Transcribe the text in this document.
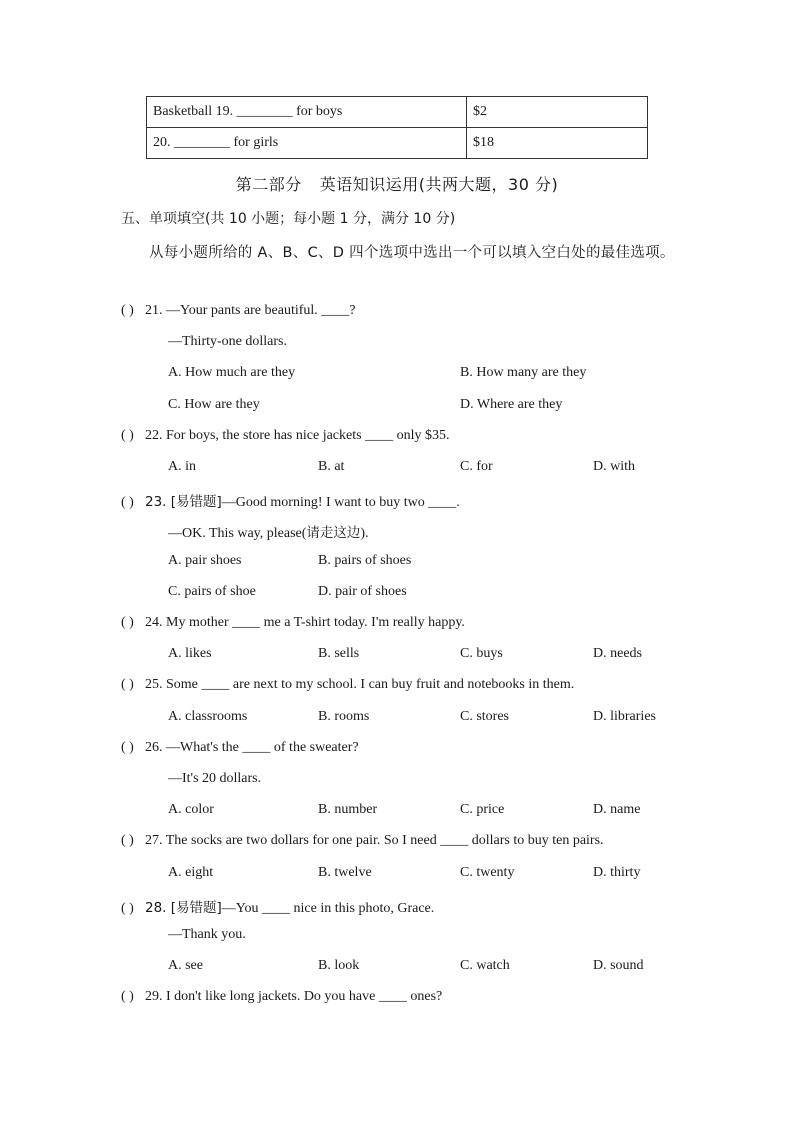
Basketball 19. ________ for boys	$2
20. ________ for girls	$18
第二部分 英语知识运用(共两大题，30 分)
五、单项填空(共 10 小题；每小题 1 分，满分 10 分)
从每小题所给的 A、B、C、D 四个选项中选出一个可以填入空白处的最佳选项。
( ) 21. —Your pants are beautiful. ____?
—Thirty-one dollars.
A. How much are they	B. How many are they
C. How are they	D. Where are they
( ) 22. For boys, the store has nice jackets ____ only $35.
A. in	B. at	C. for	D. with
( ) 23. [易错题]—Good morning! I want to buy two ____.
—OK. This way, please(请走这边).
A. pair shoes	B. pairs of shoes
C. pairs of shoe	D. pair of shoes
( ) 24. My mother ____ me a T-shirt today. I'm really happy.
A. likes	B. sells	C. buys	D. needs
( ) 25. Some ____ are next to my school. I can buy fruit and notebooks in them.
A. classrooms	B. rooms	C. stores	D. libraries
( ) 26. —What's the ____ of the sweater?
—It's 20 dollars.
A. color	B. number	C. price	D. name
( ) 27. The socks are two dollars for one pair. So I need ____ dollars to buy ten pairs.
A. eight	B. twelve	C. twenty	D. thirty
( ) 28. [易错题]—You ____ nice in this photo, Grace.
—Thank you.
A. see	B. look	C. watch	D. sound
( ) 29. I don't like long jackets. Do you have ____ ones?
